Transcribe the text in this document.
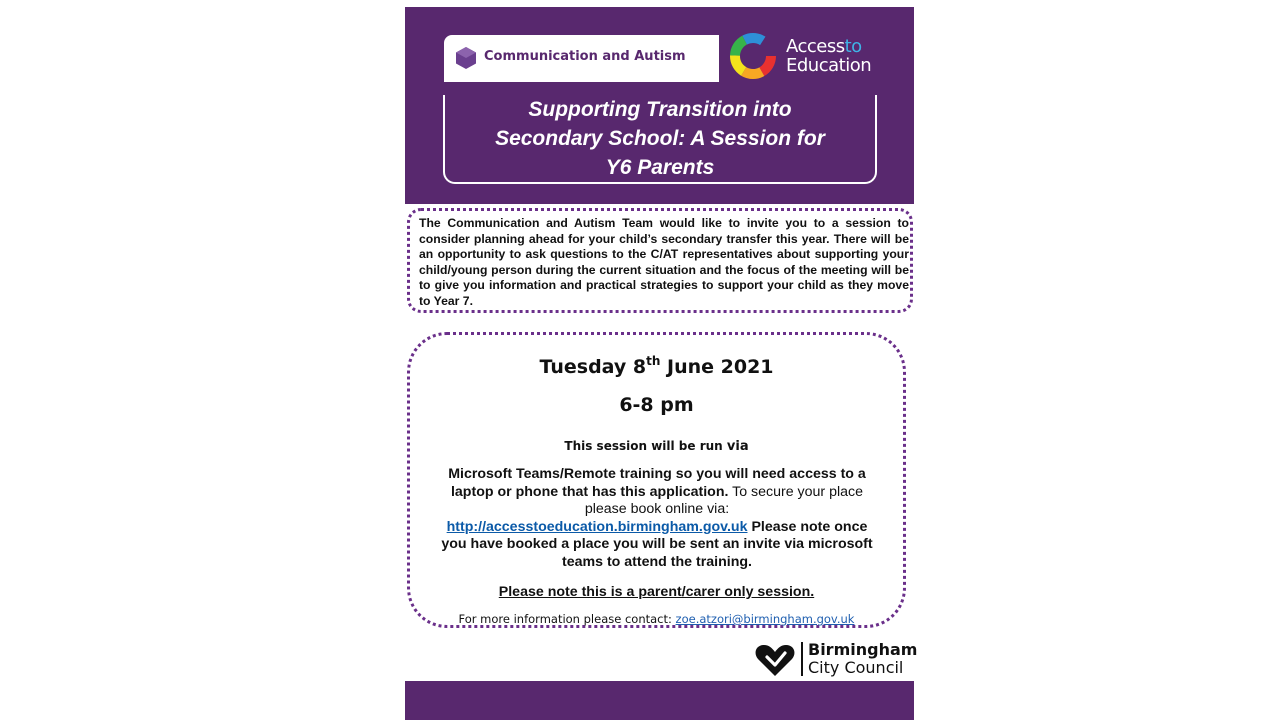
Communication and Autism	Accessto
Education
Supporting Transition into
Secondary School: A Session for
Y6 Parents
The Communication and Autism Team would like to invite you to a session to consider planning ahead for your child’s secondary transfer this year. There will be an opportunity to ask questions to the C/AT representatives about supporting your child/young person during the current situation and the focus of the meeting will be to give you information and practical strategies to support your child as they move to Year 7.
Tuesday 8th June 2021
6-8 pm
This session will be run via
Microsoft Teams/Remote training so you will need access to a laptop or phone that has this application. To secure your place please book online via: http://accesstoeducation.birmingham.gov.uk Please note once you have booked a place you will be sent an invite via microsoft teams to attend the training.
Please note this is a parent/carer only session.
For more information please contact: zoe.atzori@birmingham.gov.uk
Birmingham
City Council
